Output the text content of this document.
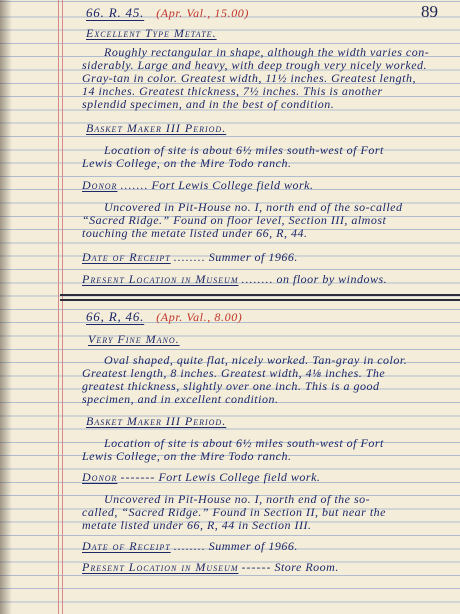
89
66. R. 45. (Apr. Val., 15.00)
Excellent Type Metate.
Roughly rectangular in shape, although the width varies con-
siderably. Large and heavy, with deep trough very nicely worked.
Gray-tan in color. Greatest width, 11½ inches. Greatest length,
14 inches. Greatest thickness, 7½ inches. This is another
splendid specimen, and in the best of condition.
Basket Maker III Period.
Location of site is about 6½ miles south-west of Fort
Lewis College, on the Mire Todo ranch.
Donor ....... Fort Lewis College field work.
Uncovered in Pit-House no. I, north end of the so-called
“Sacred Ridge.” Found on floor level, Section III, almost
touching the metate listed under 66, R, 44.
Date of Receipt ........ Summer of 1966.
Present Location in Museum ........ on floor by windows.
66, R, 46. (Apr. Val., 8.00)
Very Fine Mano.
Oval shaped, quite flat, nicely worked. Tan-gray in color.
Greatest length, 8 inches. Greatest width, 4⅛ inches. The
greatest thickness, slightly over one inch. This is a good
specimen, and in excellent condition.
Basket Maker III Period.
Location of site is about 6½ miles south-west of Fort
Lewis College, on the Mire Todo ranch.
Donor ------- Fort Lewis College field work.
Uncovered in Pit-House no. I, north end of the so-
called, “Sacred Ridge.” Found in Section II, but near the
metate listed under 66, R, 44 in Section III.
Date of Receipt ........ Summer of 1966.
Present Location in Museum ------ Store Room.
